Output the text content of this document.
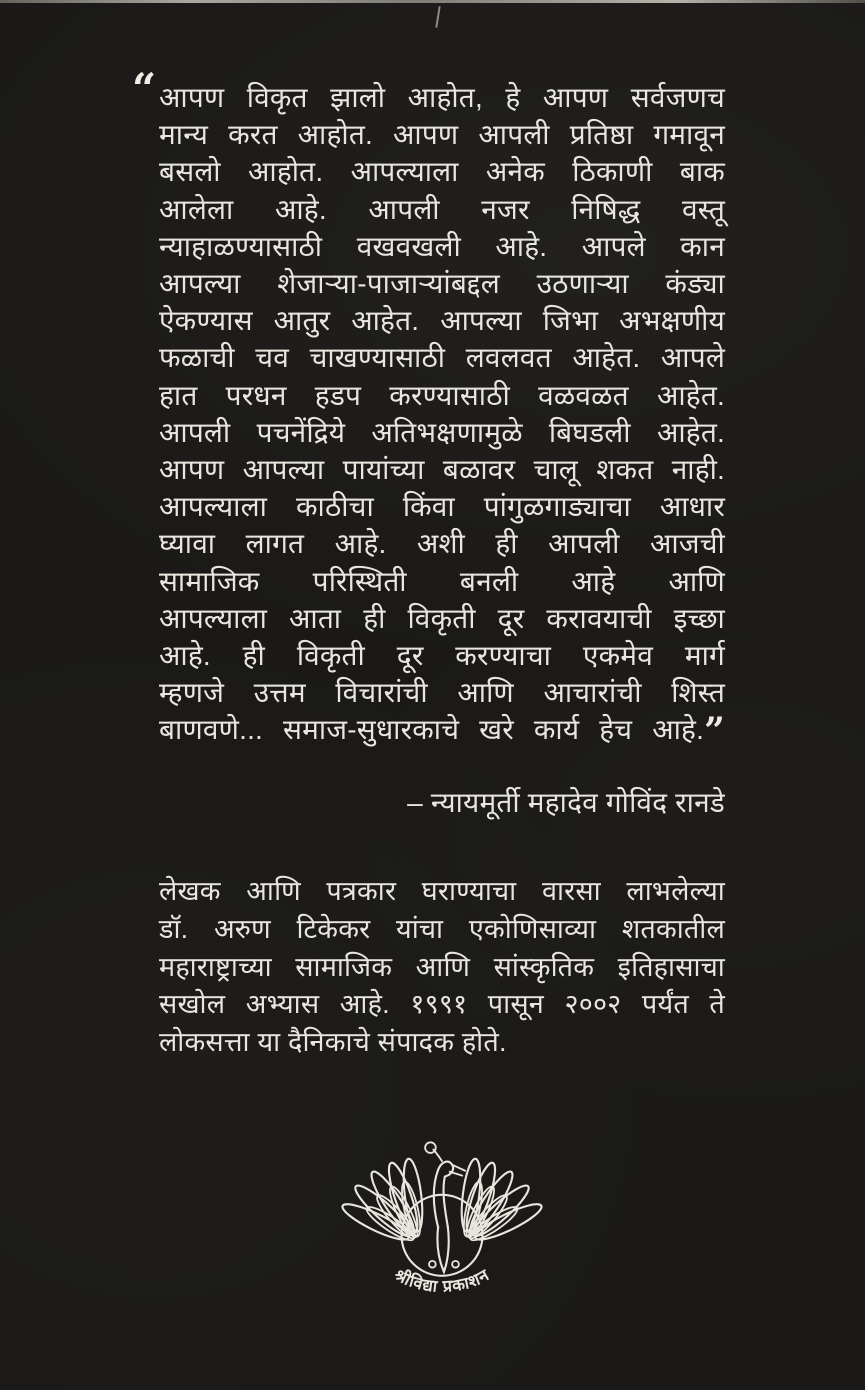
“ आपण विकृत झालो आहोत, हे आपण सर्वजणच
मान्य करत आहोत. आपण आपली प्रतिष्ठा गमावून
बसलो आहोत. आपल्याला अनेक ठिकाणी बाक
आलेला आहे. आपली नजर निषिद्ध वस्तू
न्याहाळण्यासाठी वखवखली आहे. आपले कान
आपल्या शेजाऱ्या-पाजाऱ्यांबद्दल उठणाऱ्या कंड्या
ऐकण्यास आतुर आहेत. आपल्या जिभा अभक्षणीय
फळाची चव चाखण्यासाठी लवलवत आहेत. आपले
हात परधन हडप करण्यासाठी वळवळत आहेत.
आपली पचनेंद्रिये अतिभक्षणामुळे बिघडली आहेत.
आपण आपल्या पायांच्या बळावर चालू शकत नाही.
आपल्याला काठीचा किंवा पांगुळगाड्याचा आधार
घ्यावा लागत आहे. अशी ही आपली आजची
सामाजिक परिस्थिती बनली आहे आणि
आपल्याला आता ही विकृती दूर करावयाची इच्छा
आहे. ही विकृती दूर करण्याचा एकमेव मार्ग
म्हणजे उत्तम विचारांची आणि आचारांची शिस्त
बाणवणे... समाज-सुधारकाचे खरे कार्य हेच आहे.”
– न्यायमूर्ती महादेव गोविंद रानडे
लेखक आणि पत्रकार घराण्याचा वारसा लाभलेल्या
डॉ. अरुण टिकेकर यांचा एकोणिसाव्या शतकातील
महाराष्ट्राच्या सामाजिक आणि सांस्कृतिक इतिहासाचा
सखोल अभ्यास आहे. १९९१ पासून २००२ पर्यंत ते
लोकसत्ता या दैनिकाचे संपादक होते.
श्रीविद्या प्रकाशन
